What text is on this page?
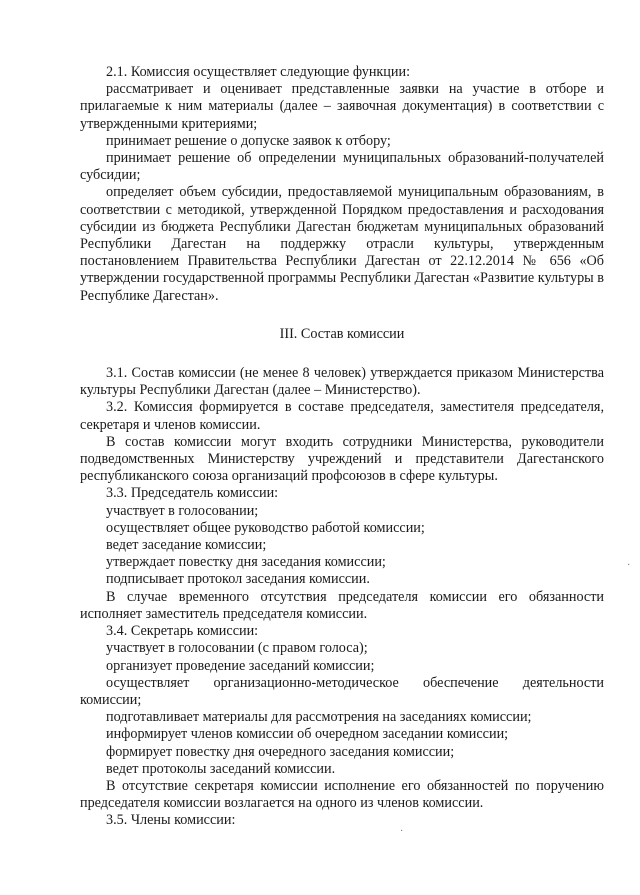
2.1. Комиссия осуществляет следующие функции:

рассматривает и оценивает представленные заявки на участие в отборе и прилагаемые к ним материалы (далее – заявочная документация) в соответствии с утвержденными критериями;

принимает решение о допуске заявок к отбору;

принимает решение об определении муниципальных образований-получателей субсидии;

определяет объем субсидии, предоставляемой муниципальным образованиям, в соответствии с методикой, утвержденной Порядком предоставления и расходования субсидии из бюджета Республики Дагестан бюджетам муниципальных образований Республики Дагестан на поддержку отрасли культуры, утвержденным постановлением Правительства Республики Дагестан от 22.12.2014 № 656 «Об утверждении государственной программы Республики Дагестан «Развитие культуры в Республике Дагестан».

III. Состав комиссии

3.1. Состав комиссии (не менее 8 человек) утверждается приказом Министерства культуры Республики Дагестан (далее – Министерство).

3.2. Комиссия формируется в составе председателя, заместителя председателя, секретаря и членов комиссии.

В состав комиссии могут входить сотрудники Министерства, руководители подведомственных Министерству учреждений и представители Дагестанского республиканского союза организаций профсоюзов в сфере культуры.

3.3. Председатель комиссии:

участвует в голосовании;

осуществляет общее руководство работой комиссии;

ведет заседание комиссии;

утверждает повестку дня заседания комиссии;

подписывает протокол заседания комиссии.

В случае временного отсутствия председателя комиссии его обязанности исполняет заместитель председателя комиссии.

3.4. Секретарь комиссии:

участвует в голосовании (с правом голоса);

организует проведение заседаний комиссии;

осуществляет организационно-методическое обеспечение деятельности комиссии;

подготавливает материалы для рассмотрения на заседаниях комиссии;

информирует членов комиссии об очередном заседании комиссии;

формирует повестку дня очередного заседания комиссии;

ведет протоколы заседаний комиссии.

В отсутствие секретаря комиссии исполнение его обязанностей по поручению председателя комиссии возлагается на одного из членов комиссии.

3.5. Члены комиссии:

·
·
